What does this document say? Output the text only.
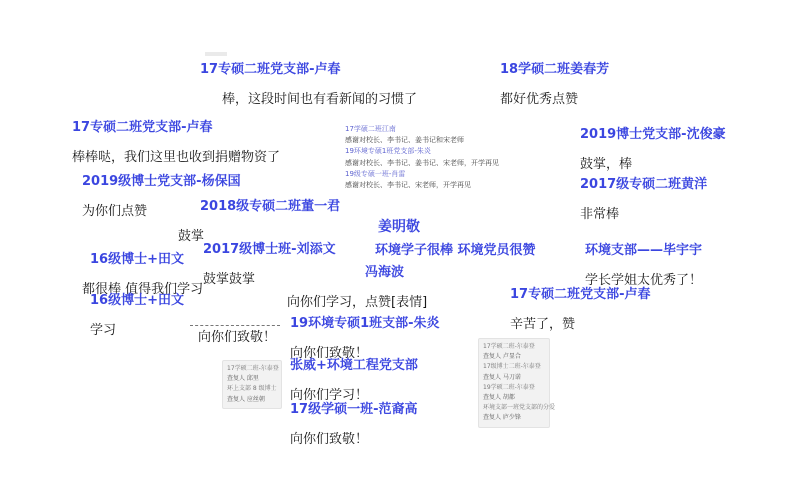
17专硕二班党支部-卢春
棒，这段时间也有看新闻的习惯了
18学硕二班姜春芳
都好优秀点赞
17专硕二班党支部-卢春
棒棒哒，我们这里也收到捐赠物资了
17学硕二班江南
感谢对校长、李书记、姜书记和宋老师
19环境专硕1班党支部-朱炎
感谢对校长、李书记、姜书记、宋老师，开学再见
19级专硕一班-肖雷
感谢对校长、李书记、宋老师，开学再见
2019博士党支部-沈俊豪
鼓掌，棒
2019级博士党支部-杨保国
为你们点赞
2017级专硕二班黄洋
非常棒
2018级专硕二班董一君
鼓掌
姜明敬
2017级博士班-刘添文
鼓掌鼓掌
环境学子很棒 环境党员很赞	环境支部——毕宇宇
学长学姐太优秀了！
16级博士+田文
都很棒 值得我们学习
冯海波
向你们学习，点赞[表情]
17专硕二班党支部-卢春
辛苦了，赞
16级博士+田文
学习	19环境专硕1班支部-朱炎
向你们致敬！
向你们致敬！
张威+环境工程党支部
向你们学习！
17级学硕一班-范裔高
向你们致敬！
17学硕二班-尔泰登
查复人 邱里
环上支部 8 级博士
查复人 应丝朝
17学硕二班-尔泰登
查复人 卢显合
17级博士二班-尔泰登
查复人 马刀诺
19学硕二班-尔泰登
查复人 胡都
环境支部一班党支部的分爱
查复人 庐少锋
